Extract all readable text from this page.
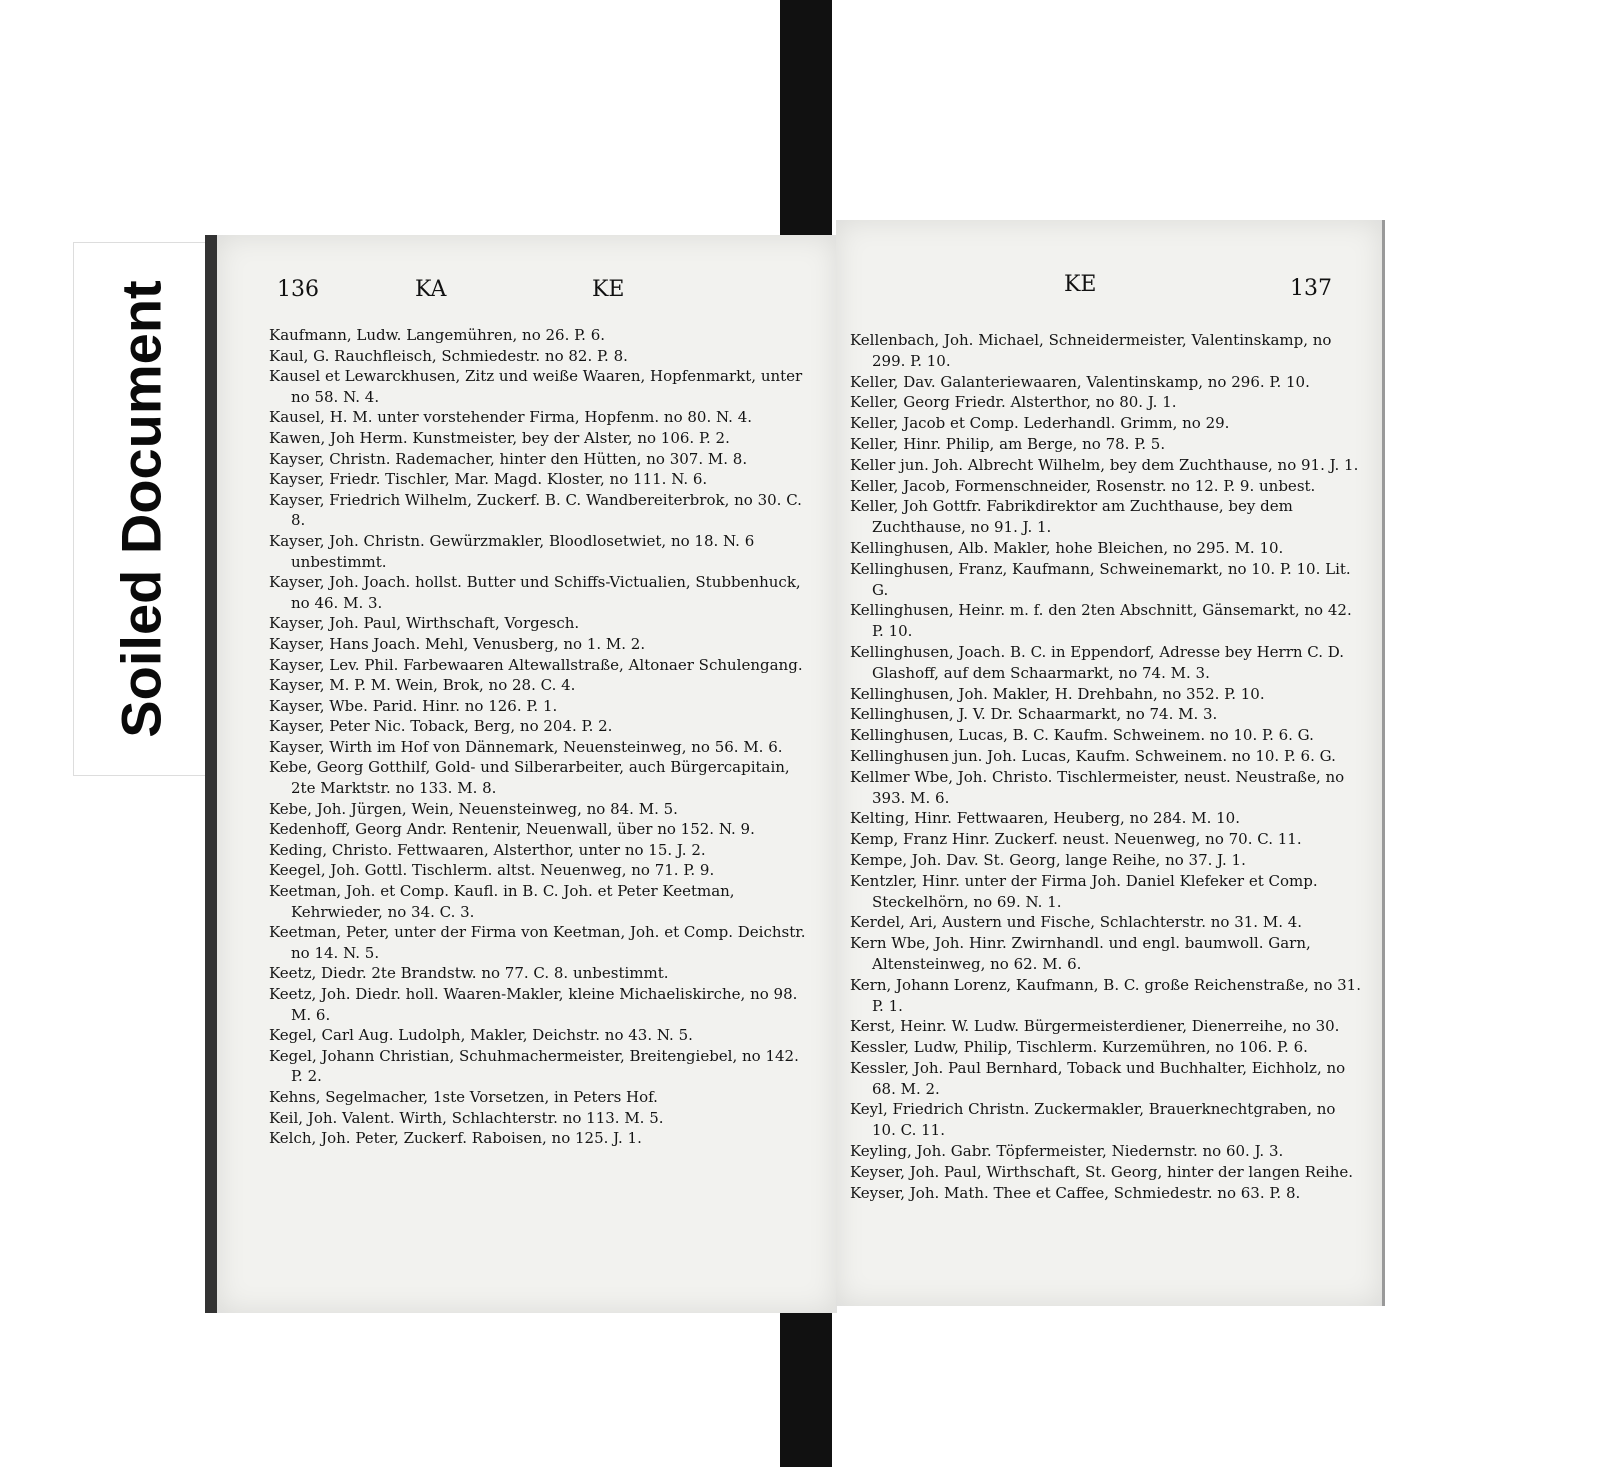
Soiled Document	136	KA	KE
Kaufmann, Ludw. Langemühren, no 26. P. 6.
Kaul, G. Rauchfleisch, Schmiedestr. no 82. P. 8.
Kausel et Lewarckhusen, Zitz und weiße Waaren, Hopfenmarkt, unter no 58. N. 4.
Kausel, H. M. unter vorstehender Firma, Hopfenm. no 80. N. 4.
Kawen, Joh Herm. Kunstmeister, bey der Alster, no 106. P. 2.
Kayser, Christn. Rademacher, hinter den Hütten, no 307. M. 8.
Kayser, Friedr. Tischler, Mar. Magd. Kloster, no 111. N. 6.
Kayser, Friedrich Wilhelm, Zuckerf. B. C. Wandbereiterbrok, no 30. C. 8.
Kayser, Joh. Christn. Gewürzmakler, Bloodlosetwiet, no 18. N. 6 unbestimmt.
Kayser, Joh. Joach. hollst. Butter und Schiffs-Victualien, Stubbenhuck, no 46. M. 3.
Kayser, Joh. Paul, Wirthschaft, Vorgesch.
Kayser, Hans Joach. Mehl, Venusberg, no 1. M. 2.
Kayser, Lev. Phil. Farbewaaren Altewallstraße, Altonaer Schulengang.
Kayser, M. P. M. Wein, Brok, no 28. C. 4.
Kayser, Wbe. Parid. Hinr. no 126. P. 1.
Kayser, Peter Nic. Toback, Berg, no 204. P. 2.
Kayser, Wirth im Hof von Dännemark, Neuensteinweg, no 56. M. 6.
Kebe, Georg Gotthilf, Gold- und Silberarbeiter, auch Bürgercapitain, 2te Marktstr. no 133. M. 8.
Kebe, Joh. Jürgen, Wein, Neuensteinweg, no 84. M. 5.
Kedenhoff, Georg Andr. Rentenir, Neuenwall, über no 152. N. 9.
Keding, Christo. Fettwaaren, Alsterthor, unter no 15. J. 2.
Keegel, Joh. Gottl. Tischlerm. altst. Neuenweg, no 71. P. 9.
Keetman, Joh. et Comp. Kaufl. in B. C. Joh. et Peter Keetman, Kehrwieder, no 34. C. 3.
Keetman, Peter, unter der Firma von Keetman, Joh. et Comp. Deichstr. no 14. N. 5.
Keetz, Diedr. 2te Brandstw. no 77. C. 8. unbestimmt.
Keetz, Joh. Diedr. holl. Waaren-Makler, kleine Michaeliskirche, no 98. M. 6.
Kegel, Carl Aug. Ludolph, Makler, Deichstr. no 43. N. 5.
Kegel, Johann Christian, Schuhmachermeister, Breitengiebel, no 142. P. 2.
Kehns, Segelmacher, 1ste Vorsetzen, in Peters Hof.
Keil, Joh. Valent. Wirth, Schlachterstr. no 113. M. 5.
Kelch, Joh. Peter, Zuckerf. Raboisen, no 125. J. 1.
KE	137
Kellenbach, Joh. Michael, Schneidermeister, Valentinskamp, no 299. P. 10.
Keller, Dav. Galanteriewaaren, Valentinskamp, no 296. P. 10.
Keller, Georg Friedr. Alsterthor, no 80. J. 1.
Keller, Jacob et Comp. Lederhandl. Grimm, no 29.
Keller, Hinr. Philip, am Berge, no 78. P. 5.
Keller jun. Joh. Albrecht Wilhelm, bey dem Zuchthause, no 91. J. 1.
Keller, Jacob, Formenschneider, Rosenstr. no 12. P. 9. unbest.
Keller, Joh Gottfr. Fabrikdirektor am Zuchthause, bey dem Zuchthause, no 91. J. 1.
Kellinghusen, Alb. Makler, hohe Bleichen, no 295. M. 10.
Kellinghusen, Franz, Kaufmann, Schweinemarkt, no 10. P. 10. Lit. G.
Kellinghusen, Heinr. m. f. den 2ten Abschnitt, Gänsemarkt, no 42. P. 10.
Kellinghusen, Joach. B. C. in Eppendorf, Adresse bey Herrn C. D. Glashoff, auf dem Schaarmarkt, no 74. M. 3.
Kellinghusen, Joh. Makler, H. Drehbahn, no 352. P. 10.
Kellinghusen, J. V. Dr. Schaarmarkt, no 74. M. 3.
Kellinghusen, Lucas, B. C. Kaufm. Schweinem. no 10. P. 6. G.
Kellinghusen jun. Joh. Lucas, Kaufm. Schweinem. no 10. P. 6. G.
Kellmer Wbe, Joh. Christo. Tischlermeister, neust. Neustraße, no 393. M. 6.
Kelting, Hinr. Fettwaaren, Heuberg, no 284. M. 10.
Kemp, Franz Hinr. Zuckerf. neust. Neuenweg, no 70. C. 11.
Kempe, Joh. Dav. St. Georg, lange Reihe, no 37. J. 1.
Kentzler, Hinr. unter der Firma Joh. Daniel Klefeker et Comp. Steckelhörn, no 69. N. 1.
Kerdel, Ari, Austern und Fische, Schlachterstr. no 31. M. 4.
Kern Wbe, Joh. Hinr. Zwirnhandl. und engl. baumwoll. Garn, Altensteinweg, no 62. M. 6.
Kern, Johann Lorenz, Kaufmann, B. C. große Reichenstraße, no 31. P. 1.
Kerst, Heinr. W. Ludw. Bürgermeisterdiener, Dienerreihe, no 30.
Kessler, Ludw, Philip, Tischlerm. Kurzemühren, no 106. P. 6.
Kessler, Joh. Paul Bernhard, Toback und Buchhalter, Eichholz, no 68. M. 2.
Keyl, Friedrich Christn. Zuckermakler, Brauerknechtgraben, no 10. C. 11.
Keyling, Joh. Gabr. Töpfermeister, Niedernstr. no 60. J. 3.
Keyser, Joh. Paul, Wirthschaft, St. Georg, hinter der langen Reihe.
Keyser, Joh. Math. Thee et Caffee, Schmiedestr. no 63. P. 8.
